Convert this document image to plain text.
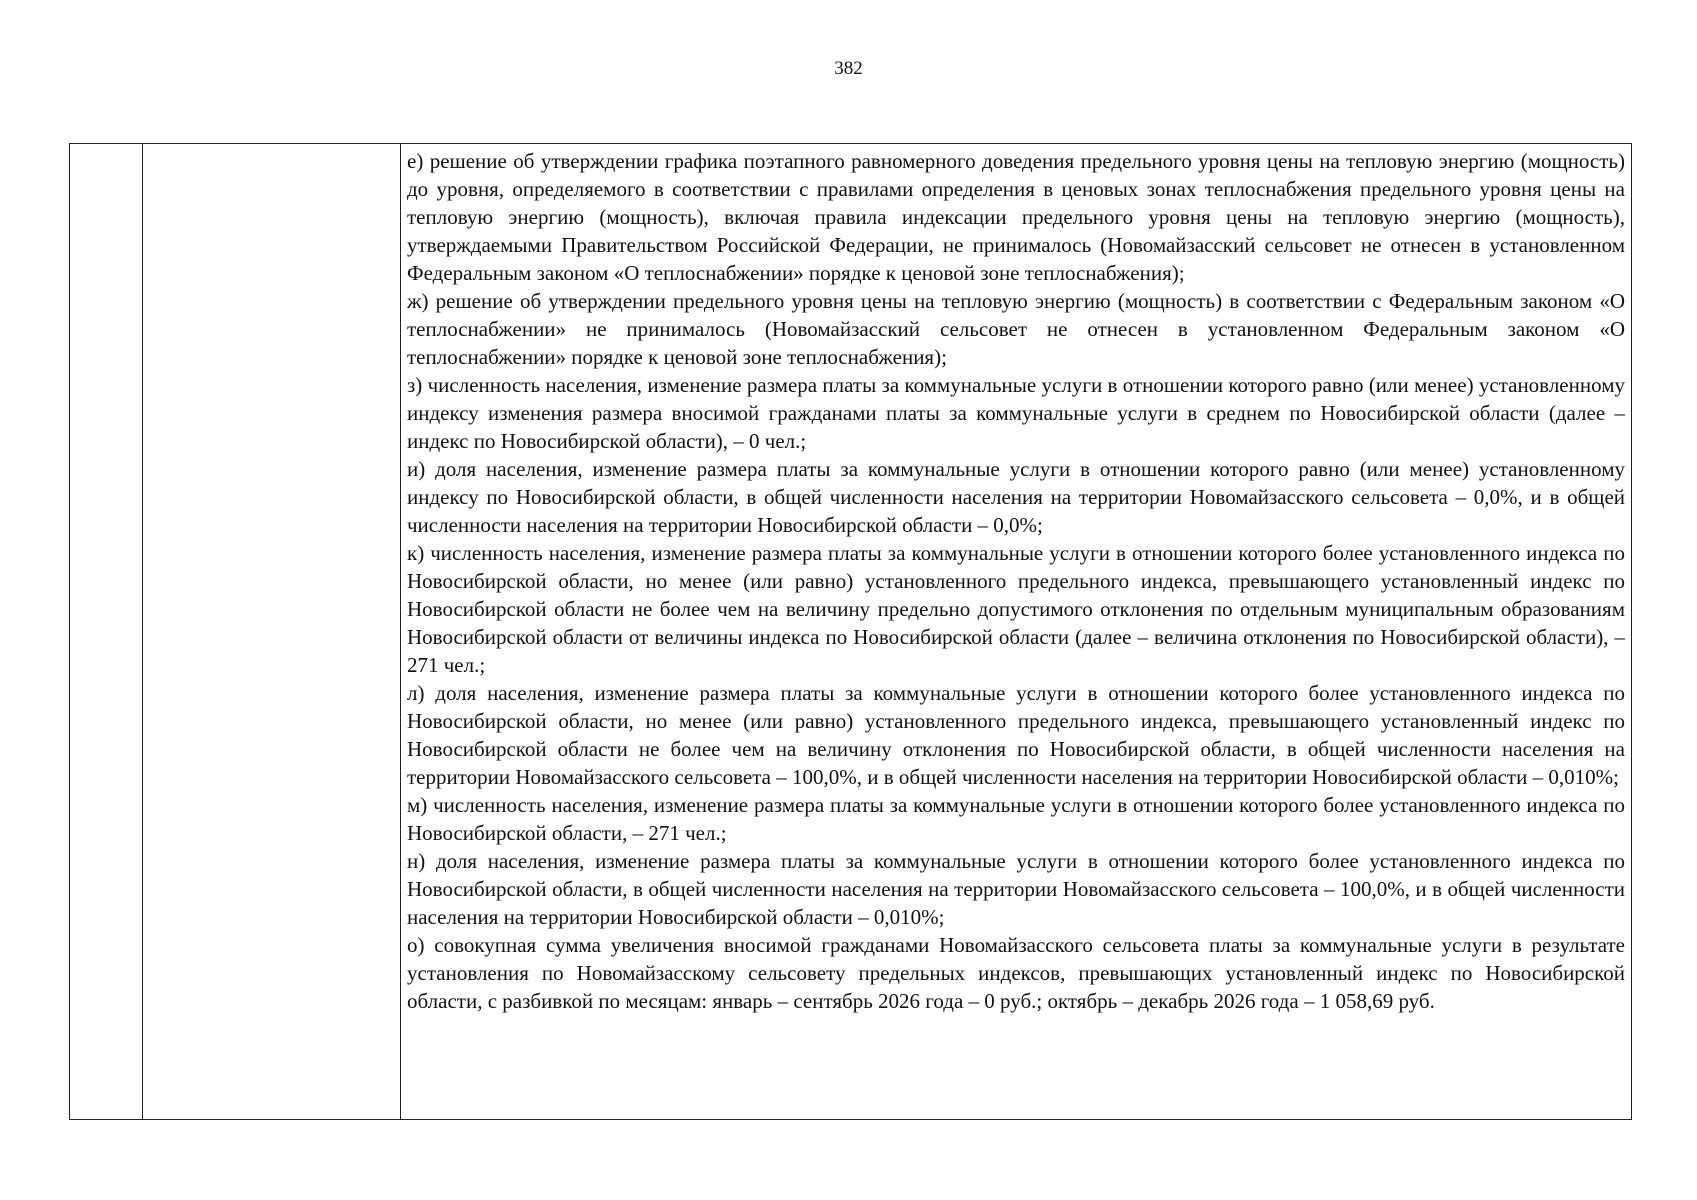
382

е) решение об утверждении графика поэтапного равномерного доведения предельного уровня цены на тепловую энергию (мощность) до уровня, определяемого в соответствии с правилами определения в ценовых зонах теплоснабжения предельного уровня цены на тепловую энергию (мощность), включая правила индексации предельного уровня цены на тепловую энергию (мощность), утверждаемыми Правительством Российской Федерации, не принималось (Новомайзасский сельсовет не отнесен в установленном Федеральным законом «О теплоснабжении» порядке к ценовой зоне теплоснабжения);

ж) решение об утверждении предельного уровня цены на тепловую энергию (мощность) в соответствии с Федеральным законом «О теплоснабжении» не принималось (Новомайзасский сельсовет не отнесен в установленном Федеральным законом «О теплоснабжении» порядке к ценовой зоне теплоснабжения);

з) численность населения, изменение размера платы за коммунальные услуги в отношении которого равно (или менее) установленному индексу изменения размера вносимой гражданами платы за коммунальные услуги в среднем по Новосибирской области (далее – индекс по Новосибирской области), – 0 чел.;

и) доля населения, изменение размера платы за коммунальные услуги в отношении которого равно (или менее) установленному индексу по Новосибирской области, в общей численности населения на территории Новомайзасского сельсовета – 0,0%, и в общей численности населения на территории Новосибирской области – 0,0%;

к) численность населения, изменение размера платы за коммунальные услуги в отношении которого более установленного индекса по Новосибирской области, но менее (или равно) установленного предельного индекса, превышающего установленный индекс по Новосибирской области не более чем на величину предельно допустимого отклонения по отдельным муниципальным образованиям Новосибирской области от величины индекса по Новосибирской области (далее – величина отклонения по Новосибирской области), – 271 чел.;

л) доля населения, изменение размера платы за коммунальные услуги в отношении которого более установленного индекса по Новосибирской области, но менее (или равно) установленного предельного индекса, превышающего установленный индекс по Новосибирской области не более чем на величину отклонения по Новосибирской области, в общей численности населения на территории Новомайзасского сельсовета – 100,0%, и в общей численности населения на территории Новосибирской области – 0,010%;

м) численность населения, изменение размера платы за коммунальные услуги в отношении которого более установленного индекса по Новосибирской области, – 271 чел.;

н) доля населения, изменение размера платы за коммунальные услуги в отношении которого более установленного индекса по Новосибирской области, в общей численности населения на территории Новомайзасского сельсовета – 100,0%, и в общей численности населения на территории Новосибирской области – 0,010%;

о) совокупная сумма увеличения вносимой гражданами Новомайзасского сельсовета платы за коммунальные услуги в результате установления по Новомайзасскому сельсовету предельных индексов, превышающих установленный индекс по Новосибирской области, с разбивкой по месяцам: январь – сентябрь 2026 года – 0 руб.; октябрь – декабрь 2026 года – 1 058,69 руб.
